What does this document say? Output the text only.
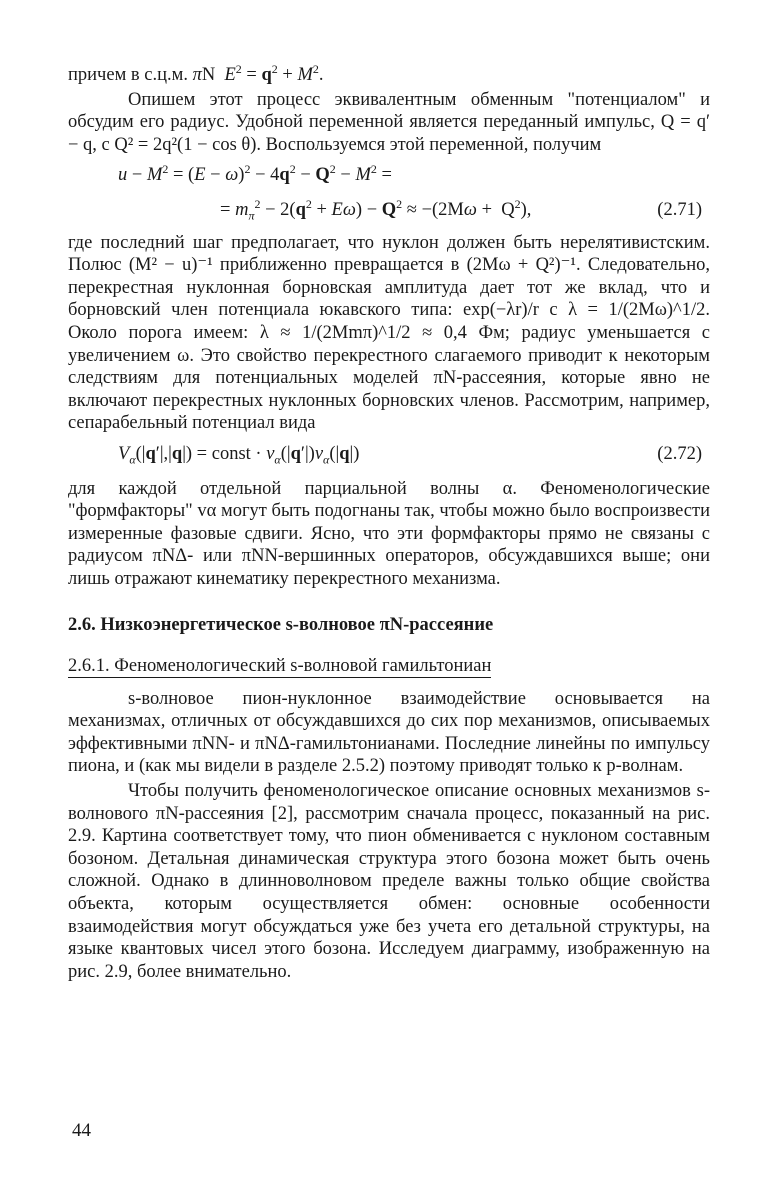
причем в с.ц.м. πN  $E^2 = q^2 + M^2$.

Опишем этот процесс эквивалентным обменным "потенциалом" и обсудим его радиус. Удобной переменной является переданный импульс, Q = q′ − q, с Q² = 2q²(1 − cos θ). Воспользуемся этой переменной, получим

$u - M^2 = (E - \omega)^2 - 4q^2 - Q^2 - M^2$ =
= $m_\pi^2 - 2(q^2 + E\omega) - Q^2 \approx -(2M\omega + Q^2)$,	(2.71)

где последний шаг предполагает, что нуклон должен быть нерелятивистским. Полюс (M² − u)⁻¹ приближенно превращается в (2Mω + Q²)⁻¹. Следовательно, перекрестная нуклонная борновская амплитуда дает тот же вклад, что и борновский член потенциала юкавского типа: exp(−λr)/r с λ = 1/(2Mω)^1/2. Около порога имеем: λ ≈ 1/(2Mmπ)^1/2 ≈ 0,4 Фм; радиус уменьшается с увеличением ω. Это свойство перекрестного слагаемого приводит к некоторым следствиям для потенциальных моделей πN-рассеяния, которые явно не включают перекрестных нуклонных борновских членов. Рассмотрим, например, сепарабельный потенциал вида

$V_\alpha(|q'|,|q|)$ = const · $v_\alpha(|q'|)v_\alpha(|q|)$	(2.72)

для каждой отдельной парциальной волны α. Феноменологические "формфакторы" vα могут быть подогнаны так, чтобы можно было воспроизвести измеренные фазовые сдвиги. Ясно, что эти формфакторы прямо не связаны с радиусом πNΔ- или πNN-вершинных операторов, обсуждавшихся выше; они лишь отражают кинематику перекрестного механизма.

2.6. Низкоэнергетическое s-волновое πN-рассеяние
2.6.1. Феноменологический s-волновой гамильтониан

s-волновое пион-нуклонное взаимодействие основывается на механизмах, отличных от обсуждавшихся до сих пор механизмов, описываемых эффективными πNN- и πNΔ-гамильтонианами. Последние линейны по импульсу пиона, и (как мы видели в разделе 2.5.2) поэтому приводят только к p-волнам.

Чтобы получить феноменологическое описание основных механизмов s-волнового πN-рассеяния [2], рассмотрим сначала процесс, показанный на рис. 2.9. Картина соответствует тому, что пион обменивается с нуклоном составным бозоном. Детальная динамическая структура этого бозона может быть очень сложной. Однако в длинноволновом пределе важны только общие свойства объекта, которым осуществляется обмен: основные особенности взаимодействия могут обсуждаться уже без учета его детальной структуры, на языке квантовых чисел этого бозона. Исследуем диаграмму, изображенную на рис. 2.9, более внимательно.

44
